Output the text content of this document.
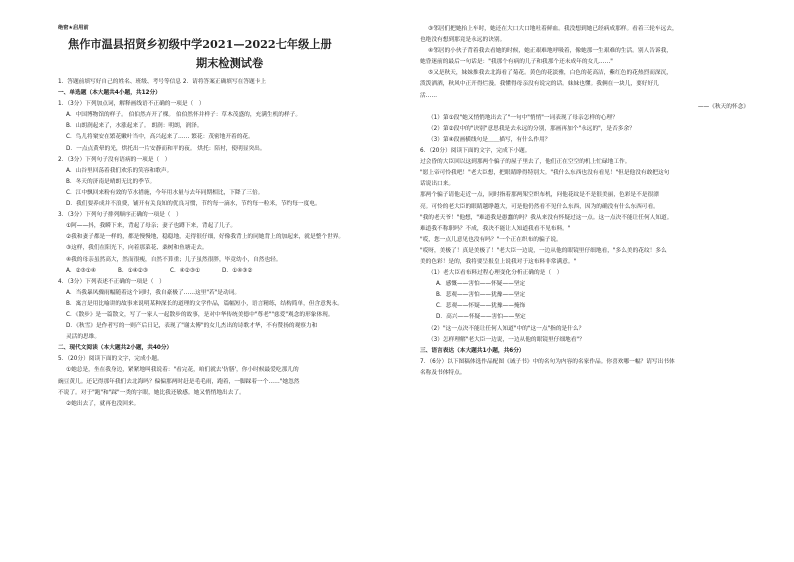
绝密★启用前
焦作市温县招贤乡初级中学2021—2022七年级上册
期末检测试卷
1．答题前填写好自己的姓名、班级、考号等信息 2．请将答案正确填写在答题卡上
一、单选题（本大题共4小题，共12分）
1．（3分）下列加点词，解释画线语不正确的一项是（　）
A．中国博物馆的样子。 伯伯然卉开了棵。 伯伯然怀并样子：草木茂盛的，充满生机的样子。
B．山朗润起来了，水涨起来了。 朗润：明朗，润泽。
C．鸟儿将窠安在繁花嫩叶当中，高兴起来了…… 繁花：茂密地开着的花。
D．一点点黄晕的光，烘托出一片安静而和平的夜。 烘托：陪衬，使明显突出。
2．（3分）下列句子没有语病的一项是（　）
A．山谷里回荡着我们欢乐的笑容和歌声。
B．冬天的济南是晴朗无比的季节。
C．江中飘回来粉有效的节水措施，今年用水量与去年同期相比，下降了三倍。
D．我们要养成并不浪费，铺开有关良知的优良习惯，节约每一滴水，节约每一粒米，节约每一度电。
3．（3分）下列句子排列顺序正确的一项是（　）
①阿——抖，我瞬下来，背起了母亲；妻子也蹲下来，背起了儿子。
②我和妻子都是一样的，都是慢慢地，稳稳地，走得很仔细，好像我背上的同她背上的加起来，就是整个世界。
③这样，我们在阳光下，向着那菜花、桑树和鱼塘走去。
④我的母亲虽然高大，然而很瘦，自然不算重；儿子虽然很胖，毕竟幼小，自然也轻。
A．②③①④	B．①④②③	C．④②③①	D．①④③②
4．（3分）下列表述不正确的一项是（　）
A．当我暴风骤雨幅随着这个词时，我自豪极了……这里"若"是动词。
B．寓言是用比喻讲的故事来说明某种深长的道理的文学作品，篇幅短小，语言精练，结构简单，但含意隽永。
C．《散步》是一篇散文，写了一家人一起散步的故事，是对中华传统美德中"尊老""慈爱"观念的形象体现。
D．《秋雪》是作者写的一则产后日记，表现了"谢太傅"的女儿杰出的诗歌才华，不有赞扬的观察力和
灵活的思维。
二、现代文阅读（本大题共2小题，共40分）
5．（20分）阅读下面的文字，完成小题。
①她总是，坐在我身边，紧紧地叫我说着："看完花，咱们就去'仿膳'，你小时候最爱吃那儿的
豌豆黄儿。还记得那年我们去北海吗？偏偏那两时赶是毛毛雨，跑着，一脚踩着一个……"她忽然
不说了。对于"跑"和"踩"一类的字眼，她比我还敏感。她又悄悄地出去了。
②她出去了，就再也没回来。
③邻居们把她抬上车时，她还在大口大口地吐着鲜血。我没想到她已经病成那样。看着三轮车远去，
也绝没有想到那竟是永远的诀别。
④邻居的小伙子背着我去看她的时候，她正艰难地呼吸着，像她那一生艰难的生活。别人告诉我，
她昏迷前的最后一句话是："我那个有病的儿子和我那个还未成年的女儿……"
⑤又是秋天，妹妹推我去北海看了菊花。黄色的花淡雅，白色的花高洁，紫红色的花热烈而深沉，
泼泼洒洒，秋风中正开得烂漫。我懂得母亲没有说完的话。妹妹也懂。我俩在一块儿，要好好儿
活……
——《秋天的怀念》
（1）第①段"她又悄悄地出去了"一句中"悄悄"一词表现了母亲怎样的心理？
（2）第②段中的"诀别"意思我是去永远的分别，那画再加个"永远的"，是否多余？
（3）第④段画横线句是＿＿描写，有什么作用？
6．（20分）阅读下面的文字，完成下小题。
过会昏的大臣回以这到那两个骗子的屋子里去了，他们正在空空的机上忙碌地工作。
"愿上帝可怜我吧！"老大臣想，把眼睛睁得特别大。"我什么东西也没有看见！"但是他没有敢把这句
话说出口来。
那两个骗子请他走近一点，同时指着那两架空织布机，问他花纹是不是很美丽，色彩是不是很漂
亮。可怜的老大臣的眼睛越睁越大，可是他仍然看不见什么东西，因为的确没有什么东西可看。
"我的老天爷！"他想，"难道我是愚蠢的吗？我从来没有怀疑过这一点。这一点决不能让任何人知道。
难道我不称职吗？不成，我决不能让人知道我看不见布料。"
"哎，您一点儿意见也没有吗？"一个正在织布的骗子说。
"哎呀，美极了！真是美极了！"老大臣一边说，一边从他的眼镜里仔细地看，"多么美的花纹！多么
美的色彩！是的，我将要呈报皇上说我对于这布料非常满意。"
（1）老大臣看布料过程心理变化分析正确的是（　）
A．感慨——害怕——怀疑——坚定
B．悲观——害怕——犹豫——坚定
C．悲观——怀疑——犹豫——掩饰
D．高兴——怀疑——害怕——坚定
（2）"这一点决不能让任何人知道"中的"这一点"指的是什么？
（3）怎样理解"老大臣一边说，一边从他的眼镜里仔细地看"？
三、语言表达（本大题共1小题，共6分）
7．（6分）以下图稿体选作品配图《诫子书》中的名句为内容的名家作品。你喜欢哪一幅？请写出书体
名称及书体特点。
